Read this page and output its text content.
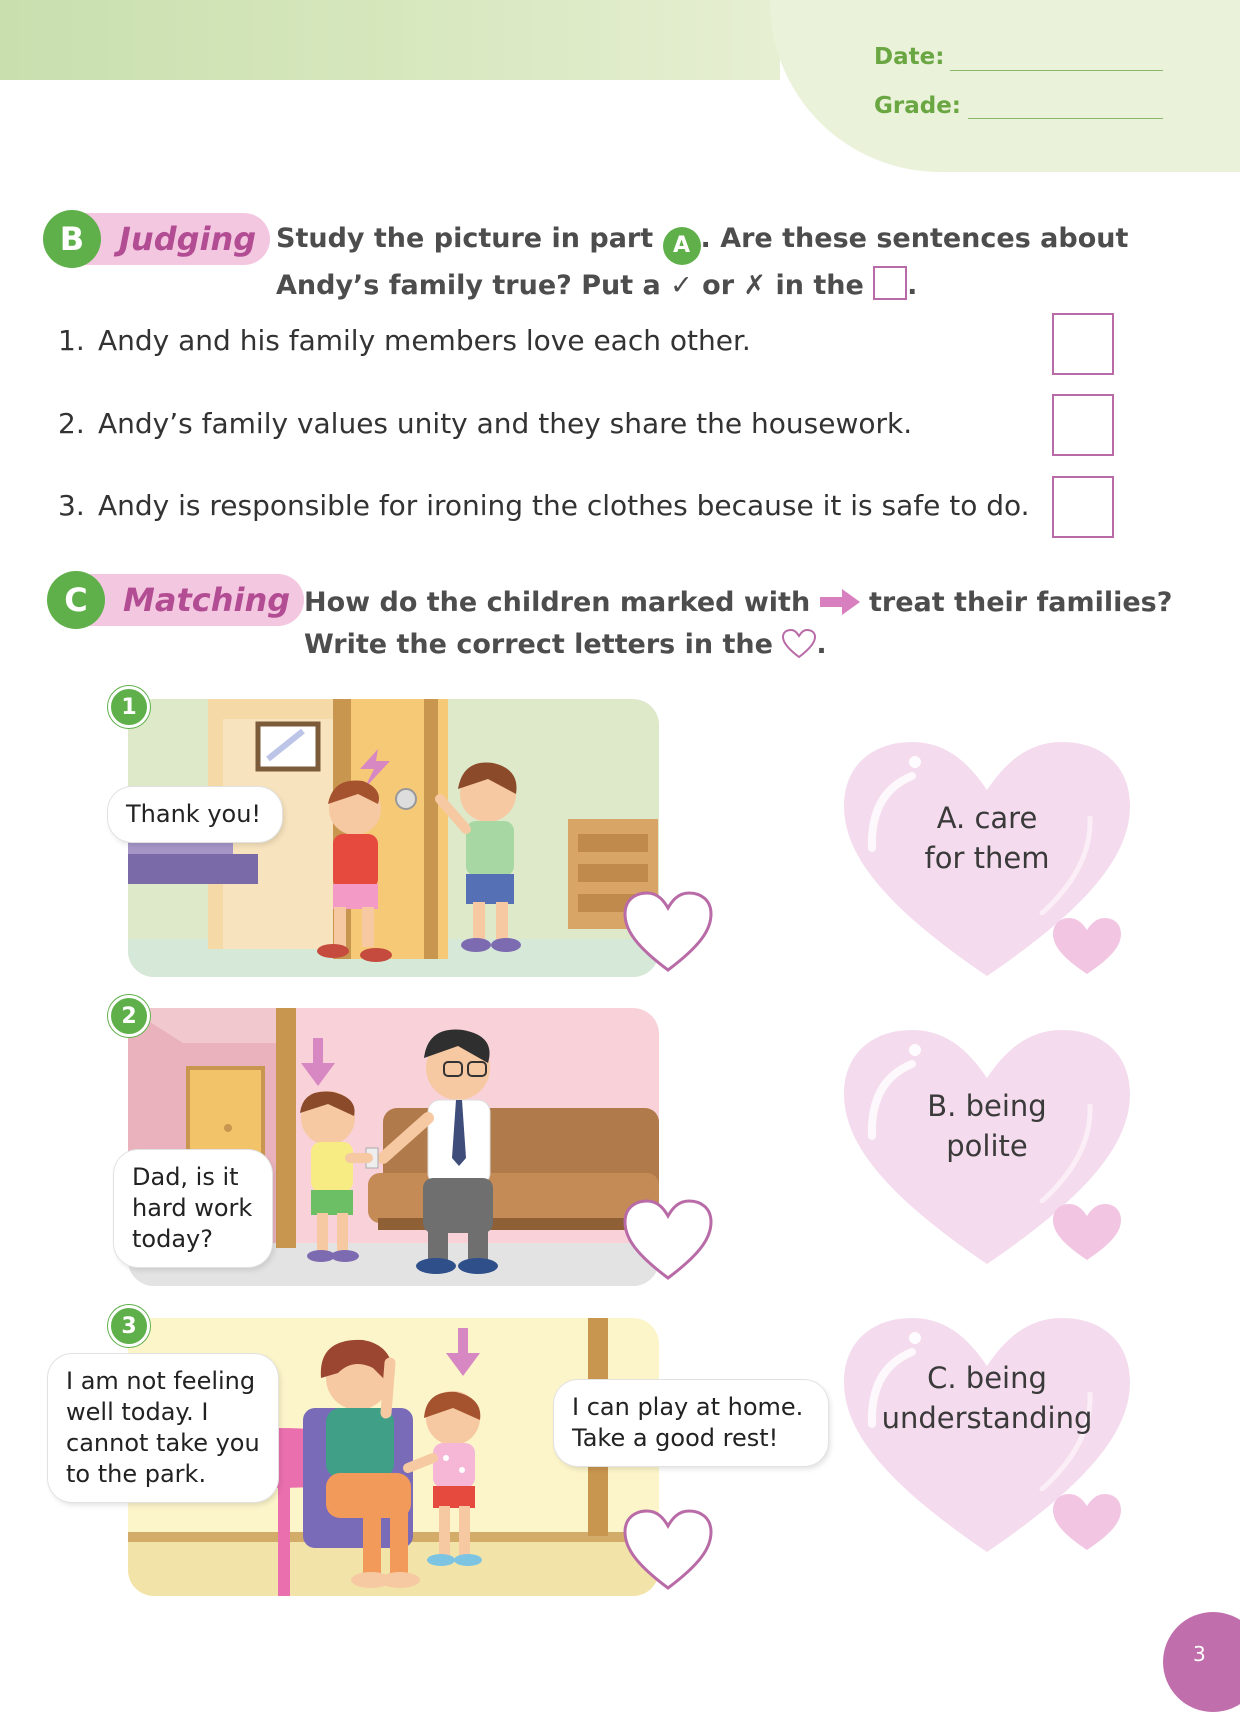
Date:
Grade:
B	Judging Study the picture in part A . Are these sentences about
Andy’s family true? Put a ✓ or ✗ in the .
1. Andy and his family members love each other.
2. Andy’s family values unity and they share the housework.
3. Andy is responsible for ironing the clothes because it is safe to do.
C	Matching How do the children marked with treat their families?
Write the correct letters in the .
1
Thank you!
2
Dad, is it
hard work
today?
3
I am not feeling
well today. I
cannot take you
to the park.
I can play at home.
Take a good rest!
A. care
for them
B. being
polite
C. being
understanding
3
